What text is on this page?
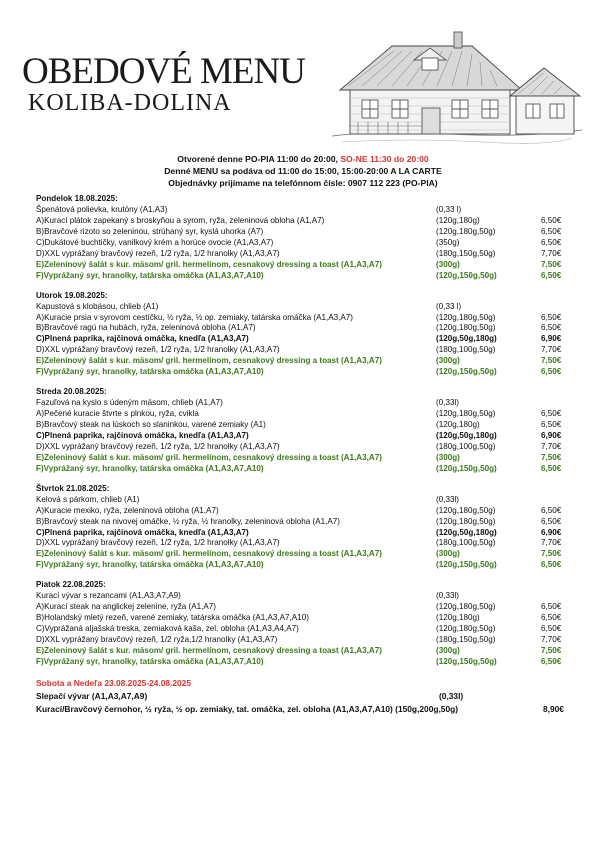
OBEDOVÉ MENU
KOLIBA-DOLINA
Otvorené denne PO-PIA 11:00 do 20:00, SO-NE 11:30 do 20:00
Denné MENU sa podáva od 11:00 do 15:00, 15:00-20:00 A LA CARTE
Objednávky prijímame na telefónnom čísle: 0907 112 223 (PO-PIA)
Pondelok 18.08.2025:
Špenátová polievka, krutóny (A1,A3)	(0,33 l)
A)Kurací plátok zapekaný s broskyňou a syrom, ryža, zeleninová obloha (A1,A7)	(120g,180g)	6,50€
B)Bravčové rizoto so zeleninou, strúhaný syr, kyslá uhorka (A7)	(120g,180g,50g)	6,50€
C)Dukátové buchtičky, vanilkový krém a horúce ovocie (A1,A3,A7)	(350g)	6,50€
D)XXL vyprážaný bravčový rezeň, 1/2 ryža, 1/2 hranolky (A1,A3,A7)	(180g,150g,50g)	7,70€
E)Zeleninový šalát s kur. mäsom/ gril. hermelínom, cesnakový dressing a toast (A1,A3,A7)	(300g)	7,50€
F)Vyprážaný syr, hranolky, tatárska omáčka (A1,A3,A7,A10)	(120g,150g,50g)	6,50€
Utorok 19.08.2025:
Kapustová s klobásou, chlieb (A1)	(0,33 l)
A)Kuracie prsia v syrovom cestíčku, ½ ryža, ½ op. zemiaky, tatárska omáčka (A1,A3,A7)	(120g,180g,50g)	6,50€
B)Bravčové ragú na hubách, ryža, zeleninová obloha (A1,A7)	(120g,180g,50g)	6,50€
C)Plnená paprika, rajčinová omáčka, knedľa (A1,A3,A7)	(120g,50g,180g)	6,90€
D)XXL vyprážaný bravčový rezeň, 1/2 ryža, 1/2 hranolky (A1,A3,A7)	(180g,100g,50g)	7,70€
E)Zeleninový šalát s kur. mäsom/ gril. hermelínom, cesnakový dressing a toast (A1,A3,A7)	(300g)	7,50€
F)Vyprážaný syr, hranolky, tatárska omáčka (A1,A3,A7,A10)	(120g,150g,50g)	6,50€
Streda 20.08.2025:
Fazuľová na kyslo s údeným mäsom, chlieb (A1,A7)	(0,33l)
A)Pečené kuracie štvrte s plnkou, ryža, cvikla	(120g,180g,50g)	6,50€
B)Bravčový steak na lúskoch so slaninkou, varené zemiaky (A1)	(120g,180g)	6,50€
C)Plnená paprika, rajčinová omáčka, knedľa (A1,A3,A7)	(120g,50g,180g)	6,90€
D)XXL vyprážaný bravčový rezeň, 1/2 ryža, 1/2 hranolky (A1,A3,A7)	(180g,100g,50g)	7,70€
E)Zeleninový šalát s kur. mäsom/ gril. hermelínom, cesnakový dressing a toast (A1,A3,A7)	(300g)	7,50€
F)Vyprážaný syr, hranolky, tatárska omáčka (A1,A3,A7,A10)	(120g,150g,50g)	6,50€
Štvrtok 21.08.2025:
Kelová s párkom, chlieb (A1)	(0,33l)
A)Kuracie mexiko, ryža, zeleninová obloha (A1,A7)	(120g,180g,50g)	6,50€
B)Bravčový steak na nivovej omáčke, ½ ryža, ½ hranolky, zeleninová obloha (A1,A7)	(120g,180g,50g)	6,50€
C)Plnená paprika, rajčinová omáčka, knedľa (A1,A3,A7)	(120g,50g,180g)	6,90€
D)XXL vyprážaný bravčový rezeň, 1/2 ryža, 1/2 hranolky (A1,A3,A7)	(180g,100g,50g)	7,70€
E)Zeleninový šalát s kur. mäsom/ gril. hermelínom, cesnakový dressing a toast (A1,A3,A7)	(300g)	7,50€
F)Vyprážaný syr, hranolky, tatárska omáčka (A1,A3,A7,A10)	(120g,150g,50g)	6,50€
Piatok 22.08.2025:
Kurací vývar s rezancami (A1,A3,A7,A9)	(0,33l)
A)Kurací steak na anglickej zelenine, ryža (A1,A7)	(120g,180g,50g)	6,50€
B)Holandský mletý rezeň, varené zemiaky, tatárska omáčka (A1,A3,A7,A10)	(120g,180g)	6,50€
C)Vyprážaná aljašská treska, zemiaková kaša, zel. obloha (A1,A3,A4,A7)	(120g,180g,50g)	6,50€
D)XXL vyprážaný bravčový rezeň, 1/2 ryža,1/2 hranolky (A1,A3,A7)	(180g,150g,50g)	7,70€
E)Zeleninový šalát s kur. mäsom/ gril. hermelínom, cesnakový dressing a toast (A1,A3,A7)	(300g)	7,50€
F)Vyprážaný syr, hranolky, tatárska omáčka (A1,A3,A7,A10)	(120g,150g,50g)	6,50€
Sobota a Nedeľa 23.08.2025-24.08.2025
Slepačí vývar (A1,A3,A7,A9)	(0,33l)
Kurací/Bravčový černohor, ½ ryža, ½ op. zemiaky, tat. omáčka, zel. obloha (A1,A3,A7,A10) (150g,200g,50g)	8,90€
